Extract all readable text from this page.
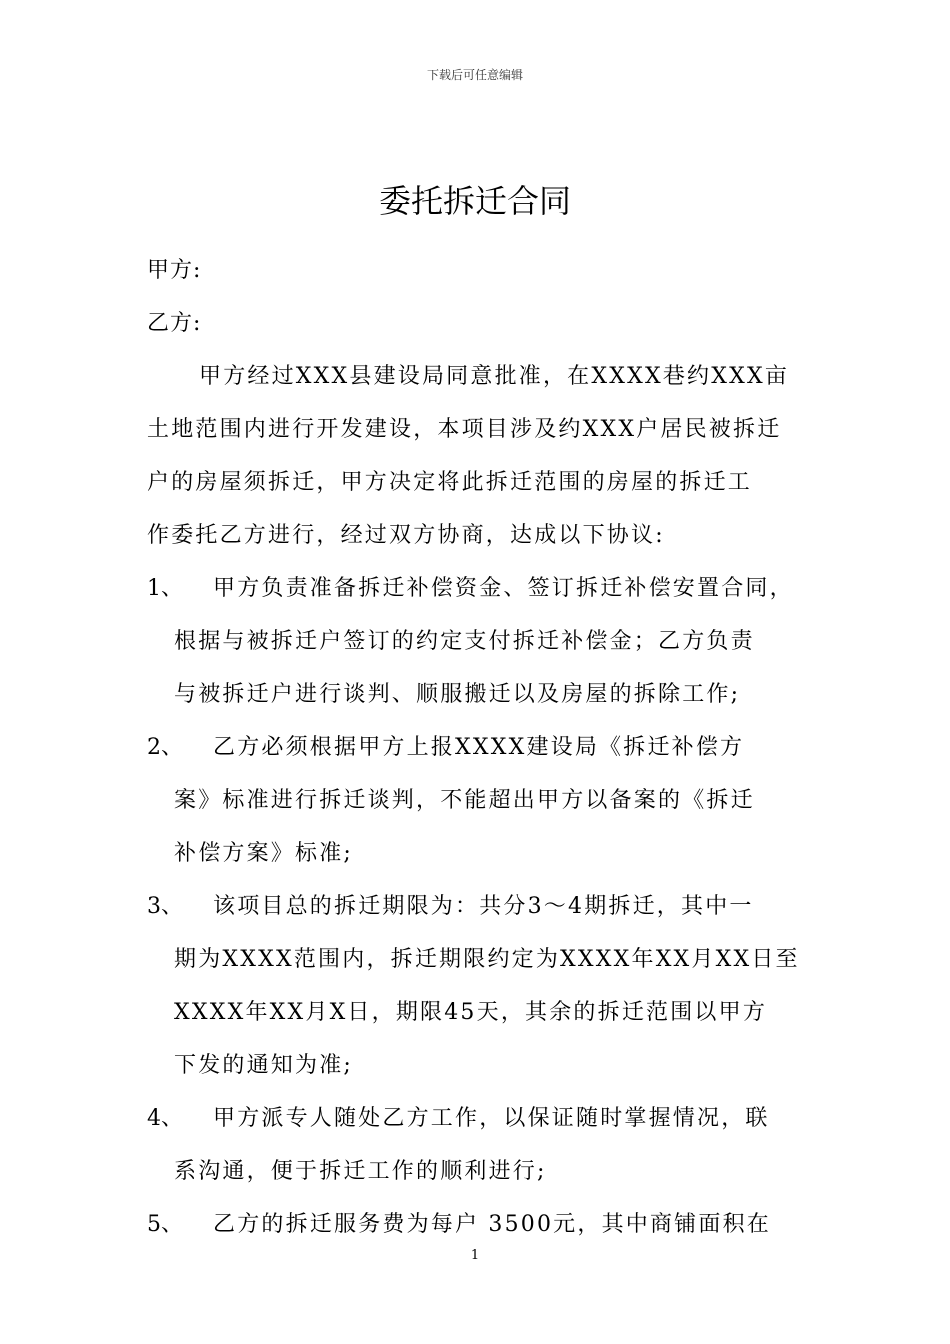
下载后可任意编辑
委托拆迁合同
甲方:
乙方:
甲方经过XXX县建设局同意批准，在XXXX巷约XXX亩
土地范围内进行开发建设，本项目涉及约XXX户居民被拆迁
户的房屋须拆迁，甲方决定将此拆迁范围的房屋的拆迁工
作委托乙方进行，经过双方协商，达成以下协议:
1、 甲方负责准备拆迁补偿资金、签订拆迁补偿安置合同，
根据与被拆迁户签订的约定支付拆迁补偿金；乙方负责
与被拆迁户进行谈判、顺服搬迁以及房屋的拆除工作;
2、 乙方必须根据甲方上报XXXX建设局《拆迁补偿方
案》标准进行拆迁谈判，不能超出甲方以备案的《拆迁
补偿方案》标准;
3、 该项目总的拆迁期限为：共分3～4期拆迁，其中一
期为XXXX范围内，拆迁期限约定为XXXX年XX月XX日至
XXXX年XX月X日，期限45天，其余的拆迁范围以甲方
下发的通知为准;
4、 甲方派专人随处乙方工作，以保证随时掌握情况，联
系沟通，便于拆迁工作的顺利进行;
5、 乙方的拆迁服务费为每户 3500元，其中商铺面积在
1
